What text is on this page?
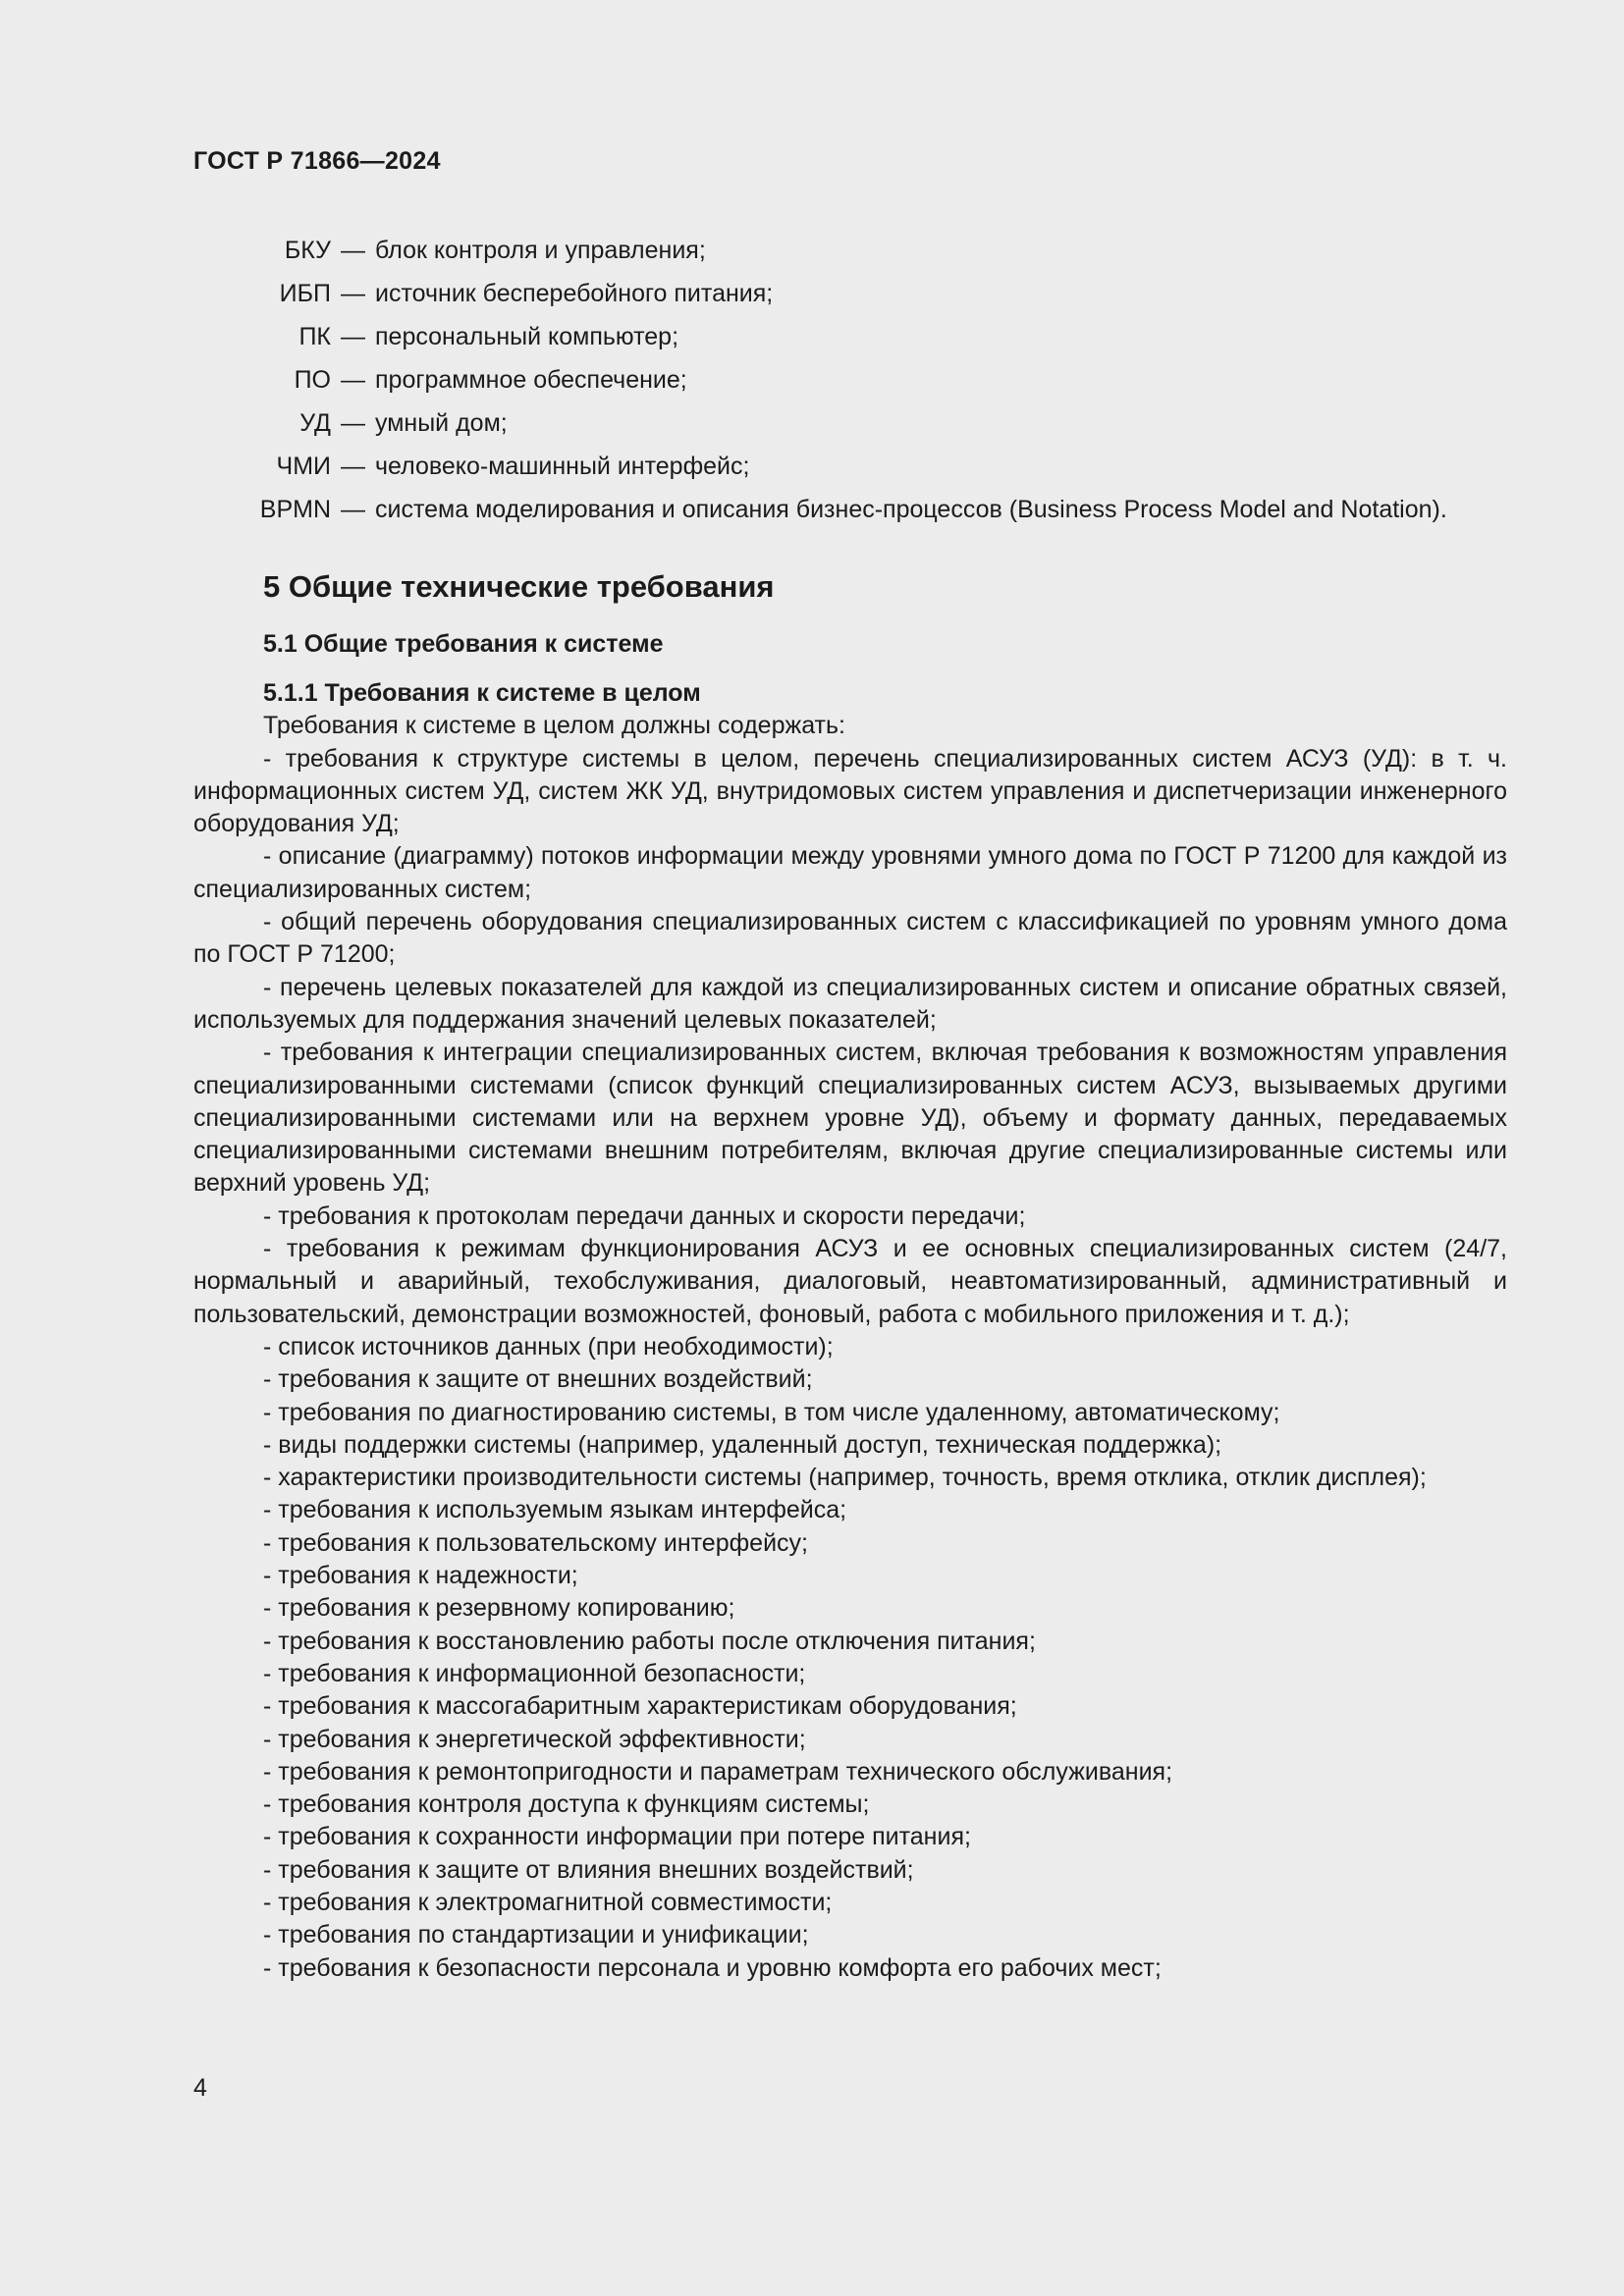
ГОСТ Р 71866—2024
БКУ — блок контроля и управления;
ИБП — источник бесперебойного питания;
ПК — персональный компьютер;
ПО — программное обеспечение;
УД — умный дом;
ЧМИ — человеко-машинный интерфейс;
BPMN — система моделирования и описания бизнес-процессов (Business Process Model and Notation).
5 Общие технические требования
5.1 Общие требования к системе

5.1.1 Требования к системе в целом

Требования к системе в целом должны содержать:

- требования к структуре системы в целом, перечень специализированных систем АСУЗ (УД): в т. ч. информационных систем УД, систем ЖК УД, внутридомовых систем управления и диспетчеризации инженерного оборудования УД;
- описание (диаграмму) потоков информации между уровнями умного дома по ГОСТ Р 71200 для каждой из специализированных систем;
- общий перечень оборудования специализированных систем с классификацией по уровням умного дома по ГОСТ Р 71200;
- перечень целевых показателей для каждой из специализированных систем и описание обратных связей, используемых для поддержания значений целевых показателей;
- требования к интеграции специализированных систем, включая требования к возможностям управления специализированными системами (список функций специализированных систем АСУЗ, вызываемых другими специализированными системами или на верхнем уровне УД), объему и формату данных, передаваемых специализированными системами внешним потребителям, включая другие специализированные системы или верхний уровень УД;
- требования к протоколам передачи данных и скорости передачи;
- требования к режимам функционирования АСУЗ и ее основных специализированных систем (24/7, нормальный и аварийный, техобслуживания, диалоговый, неавтоматизированный, административный и пользовательский, демонстрации возможностей, фоновый, работа с мобильного приложения и т. д.);
- список источников данных (при необходимости);
- требования к защите от внешних воздействий;
- требования по диагностированию системы, в том числе удаленному, автоматическому;
- виды поддержки системы (например, удаленный доступ, техническая поддержка);
- характеристики производительности системы (например, точность, время отклика, отклик дисплея);
- требования к используемым языкам интерфейса;
- требования к пользовательскому интерфейсу;
- требования к надежности;
- требования к резервному копированию;
- требования к восстановлению работы после отключения питания;
- требования к информационной безопасности;
- требования к массогабаритным характеристикам оборудования;
- требования к энергетической эффективности;
- требования к ремонтопригодности и параметрам технического обслуживания;
- требования контроля доступа к функциям системы;
- требования к сохранности информации при потере питания;
- требования к защите от влияния внешних воздействий;
- требования к электромагнитной совместимости;
- требования по стандартизации и унификации;
- требования к безопасности персонала и уровню комфорта его рабочих мест;
4
